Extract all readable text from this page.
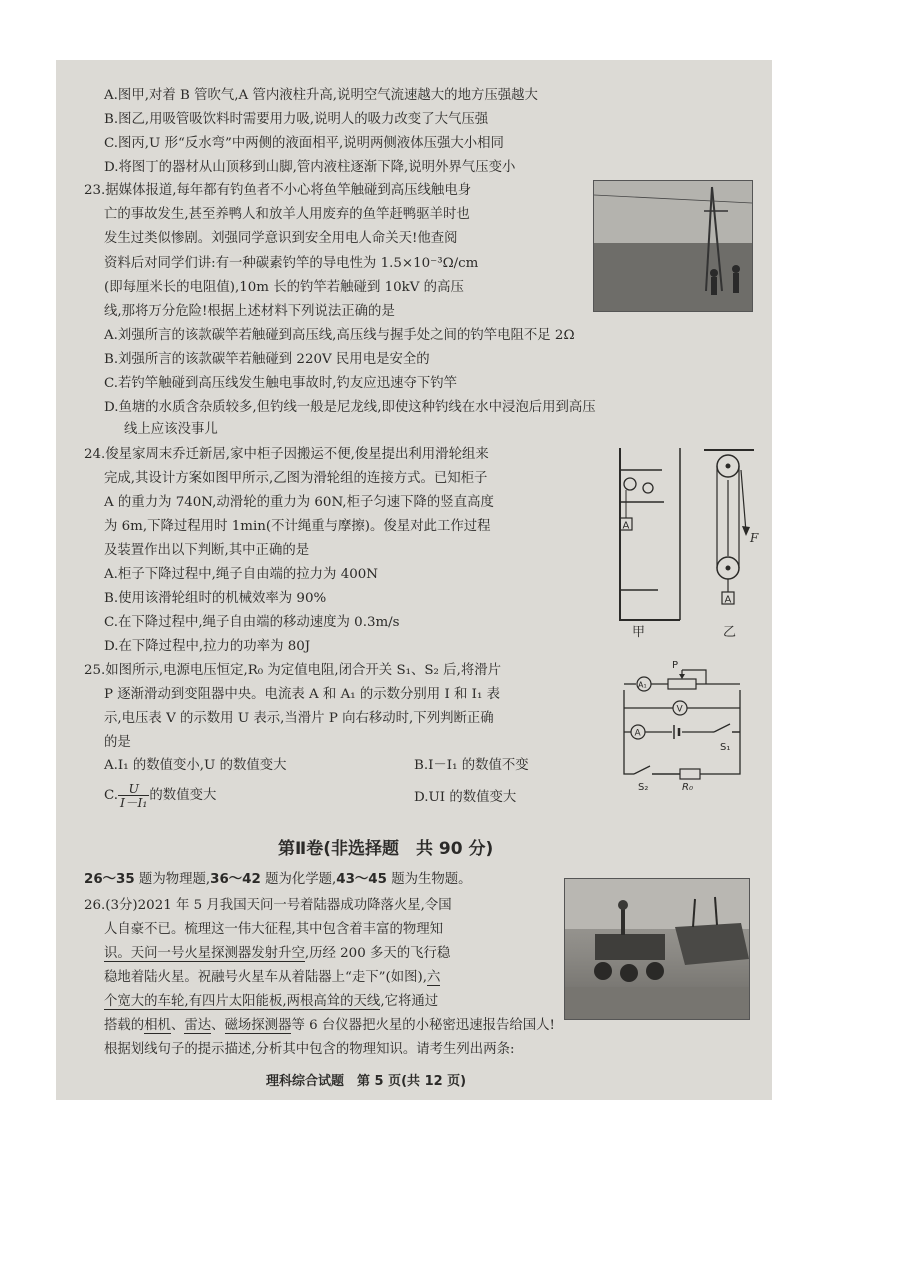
A.图甲,对着 B 管吹气,A 管内液柱升高,说明空气流速越大的地方压强越大
B.图乙,用吸管吸饮料时需要用力吸,说明人的吸力改变了大气压强
C.图丙,U 形“反水弯”中两侧的液面相平,说明两侧液体压强大小相同
D.将图丁的器材从山顶移到山脚,管内液柱逐渐下降,说明外界气压变小
23.据媒体报道,每年都有钓鱼者不小心将鱼竿触碰到高压线触电身
亡的事故发生,甚至养鸭人和放羊人用废弃的鱼竿赶鸭驱羊时也
发生过类似惨剧。刘强同学意识到安全用电人命关天!他查阅
资料后对同学们讲:有一种碳素钓竿的导电性为 1.5×10⁻³Ω/cm
(即每厘米长的电阻值),10m 长的钓竿若触碰到 10kV 的高压
线,那将万分危险!根据上述材料下列说法正确的是
A.刘强所言的该款碳竿若触碰到高压线,高压线与握手处之间的钓竿电阻不足 2Ω
B.刘强所言的该款碳竿若触碰到 220V 民用电是安全的
C.若钓竿触碰到高压线发生触电事故时,钓友应迅速夺下钓竿
D.鱼塘的水质含杂质较多,但钓线一般是尼龙线,即使这种钓线在水中浸泡后用到高压
线上应该没事儿
24.俊星家周末乔迁新居,家中柜子因搬运不便,俊星提出利用滑轮组来
完成,其设计方案如图甲所示,乙图为滑轮组的连接方式。已知柜子
A 的重力为 740N,动滑轮的重力为 60N,柜子匀速下降的竖直高度
为 6m,下降过程用时 1min(不计绳重与摩擦)。俊星对此工作过程
及装置作出以下判断,其中正确的是
A.柜子下降过程中,绳子自由端的拉力为 400N
B.使用该滑轮组时的机械效率为 90%
C.在下降过程中,绳子自由端的移动速度为 0.3m/s
D.在下降过程中,拉力的功率为 80J
A
甲
F
A
乙
25.如图所示,电源电压恒定,R₀ 为定值电阻,闭合开关 S₁、S₂ 后,将滑片
P 逐渐滑动到变阻器中央。电流表 A 和 A₁ 的示数分别用 I 和 I₁ 表
示,电压表 V 的示数用 U 表示,当滑片 P 向右移动时,下列判断正确
的是
A.I₁ 的数值变小,U 的数值变大	B.I－I₁ 的数值不变
C. $\frac{U}{\text{I－I₁}}$ 的数值变大	D.UI 的数值变大
A₁
P
V
A
S₁
S₂	R₀
第Ⅱ卷(非选择题　共 90 分)
26～35 题为物理题,36～42 题为化学题,43～45 题为生物题。
26.(3分)2021 年 5 月我国天问一号着陆器成功降落火星,令国
人自豪不已。梳理这一伟大征程,其中包含着丰富的物理知
识。天问一号火星探测器发射升空,历经 200 多天的飞行稳
稳地着陆火星。祝融号火星车从着陆器上“走下”(如图),六
个宽大的车轮,有四片太阳能板,两根高耸的天线,它将通过
搭载的相机、雷达、磁场探测器等 6 台仪器把火星的小秘密迅速报告给国人!
根据划线句子的提示描述,分析其中包含的物理知识。请考生列出两条:
理科综合试题　第 5 页(共 12 页)
